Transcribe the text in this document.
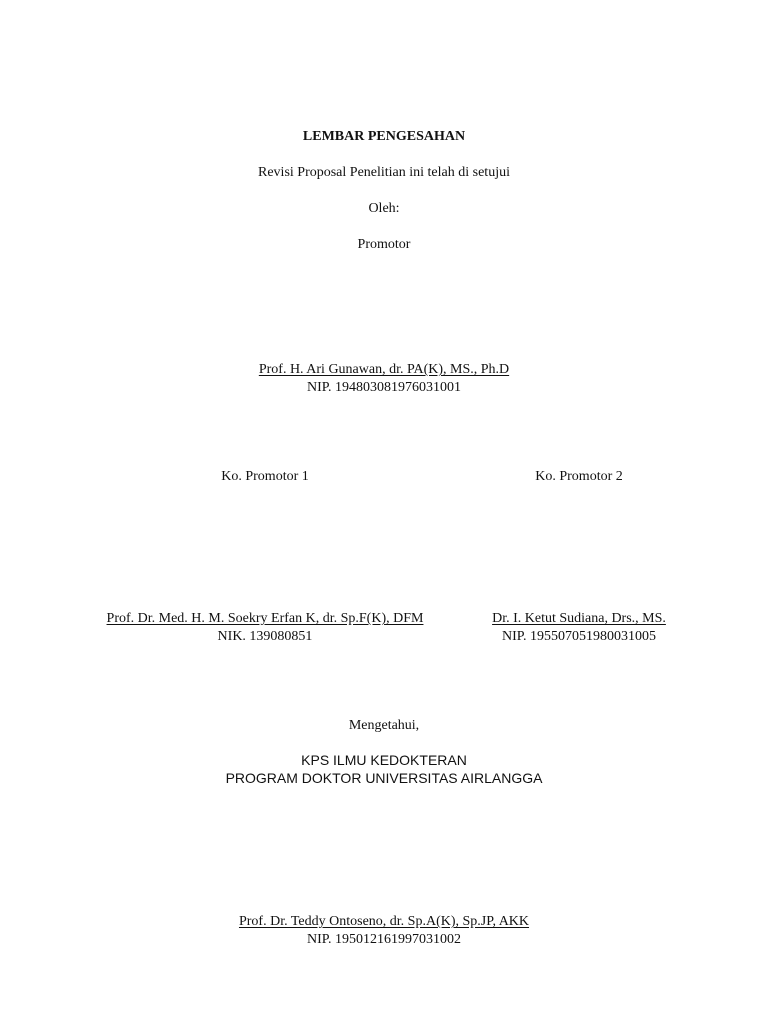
LEMBAR PENGESAHAN
Revisi Proposal Penelitian ini telah di setujui
Oleh:
Promotor
Prof. H. Ari Gunawan, dr. PA(K), MS., Ph.D
NIP. 194803081976031001
Ko. Promotor 1	Ko. Promotor 2
Prof. Dr. Med. H. M. Soekry Erfan K, dr. Sp.F(K), DFM
NIK. 139080851
Dr. I. Ketut Sudiana, Drs., MS.
NIP. 195507051980031005
Mengetahui,
KPS ILMU KEDOKTERAN
PROGRAM DOKTOR UNIVERSITAS AIRLANGGA
Prof. Dr. Teddy Ontoseno, dr. Sp.A(K), Sp.JP, AKK
NIP. 195012161997031002
